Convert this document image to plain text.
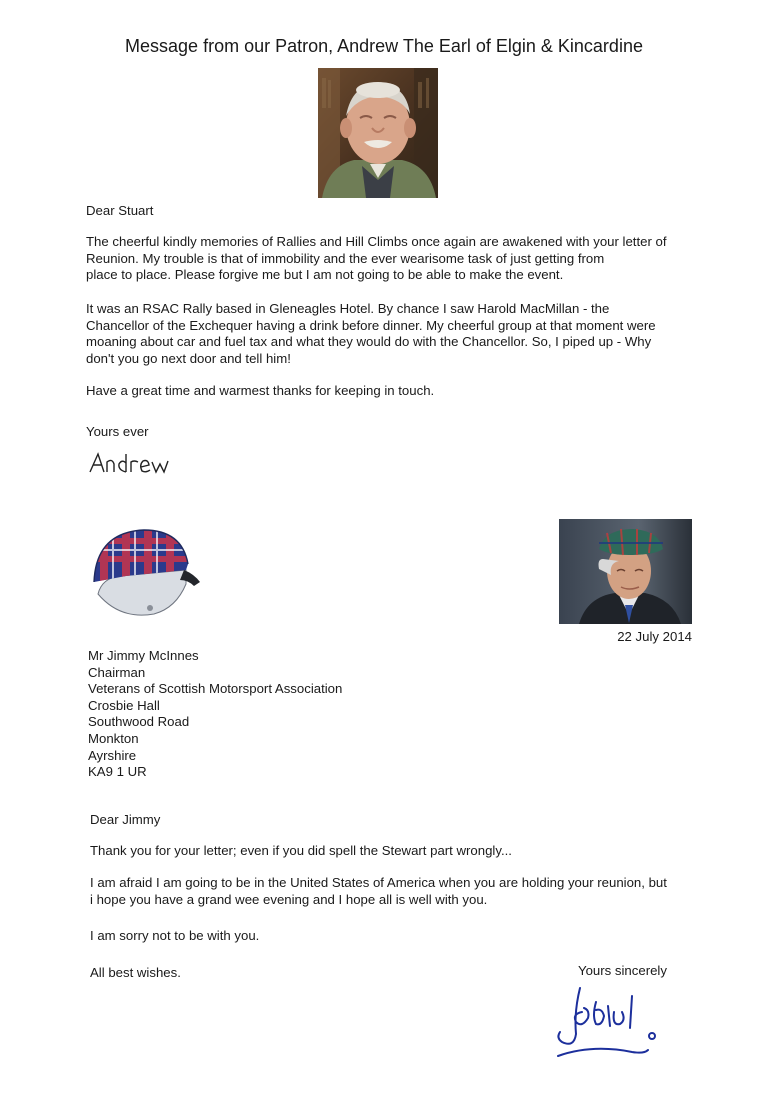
Message from our Patron, Andrew The Earl of Elgin & Kincardine
Dear Stuart
The cheerful kindly memories of Rallies and Hill Climbs once again are awakened with your letter of
Reunion. My trouble is that of immobility and the ever wearisome task of just getting from
place to place. Please forgive me but I am not going to be able to make the event.
It was an RSAC Rally based in Gleneagles Hotel. By chance I saw Harold MacMillan - the
Chancellor of the Exchequer having a drink before dinner. My cheerful group at that moment were
moaning about car and fuel tax and what they would do with the Chancellor. So, I piped up - Why
don't you go next door and tell him!
Have a great time and warmest thanks for keeping in touch.
Yours ever
22 July 2014
Mr Jimmy McInnes
Chairman
Veterans of Scottish Motorsport Association
Crosbie Hall
Southwood Road
Monkton
Ayrshire
KA9 1 UR
Dear Jimmy
Thank you for your letter; even if you did spell the Stewart part wrongly...
I am afraid I am going to be in the United States of America when you are holding your reunion, but
i hope you have a grand wee evening and I hope all is well with you.
I am sorry not to be with you.
All best wishes.	Yours sincerely
